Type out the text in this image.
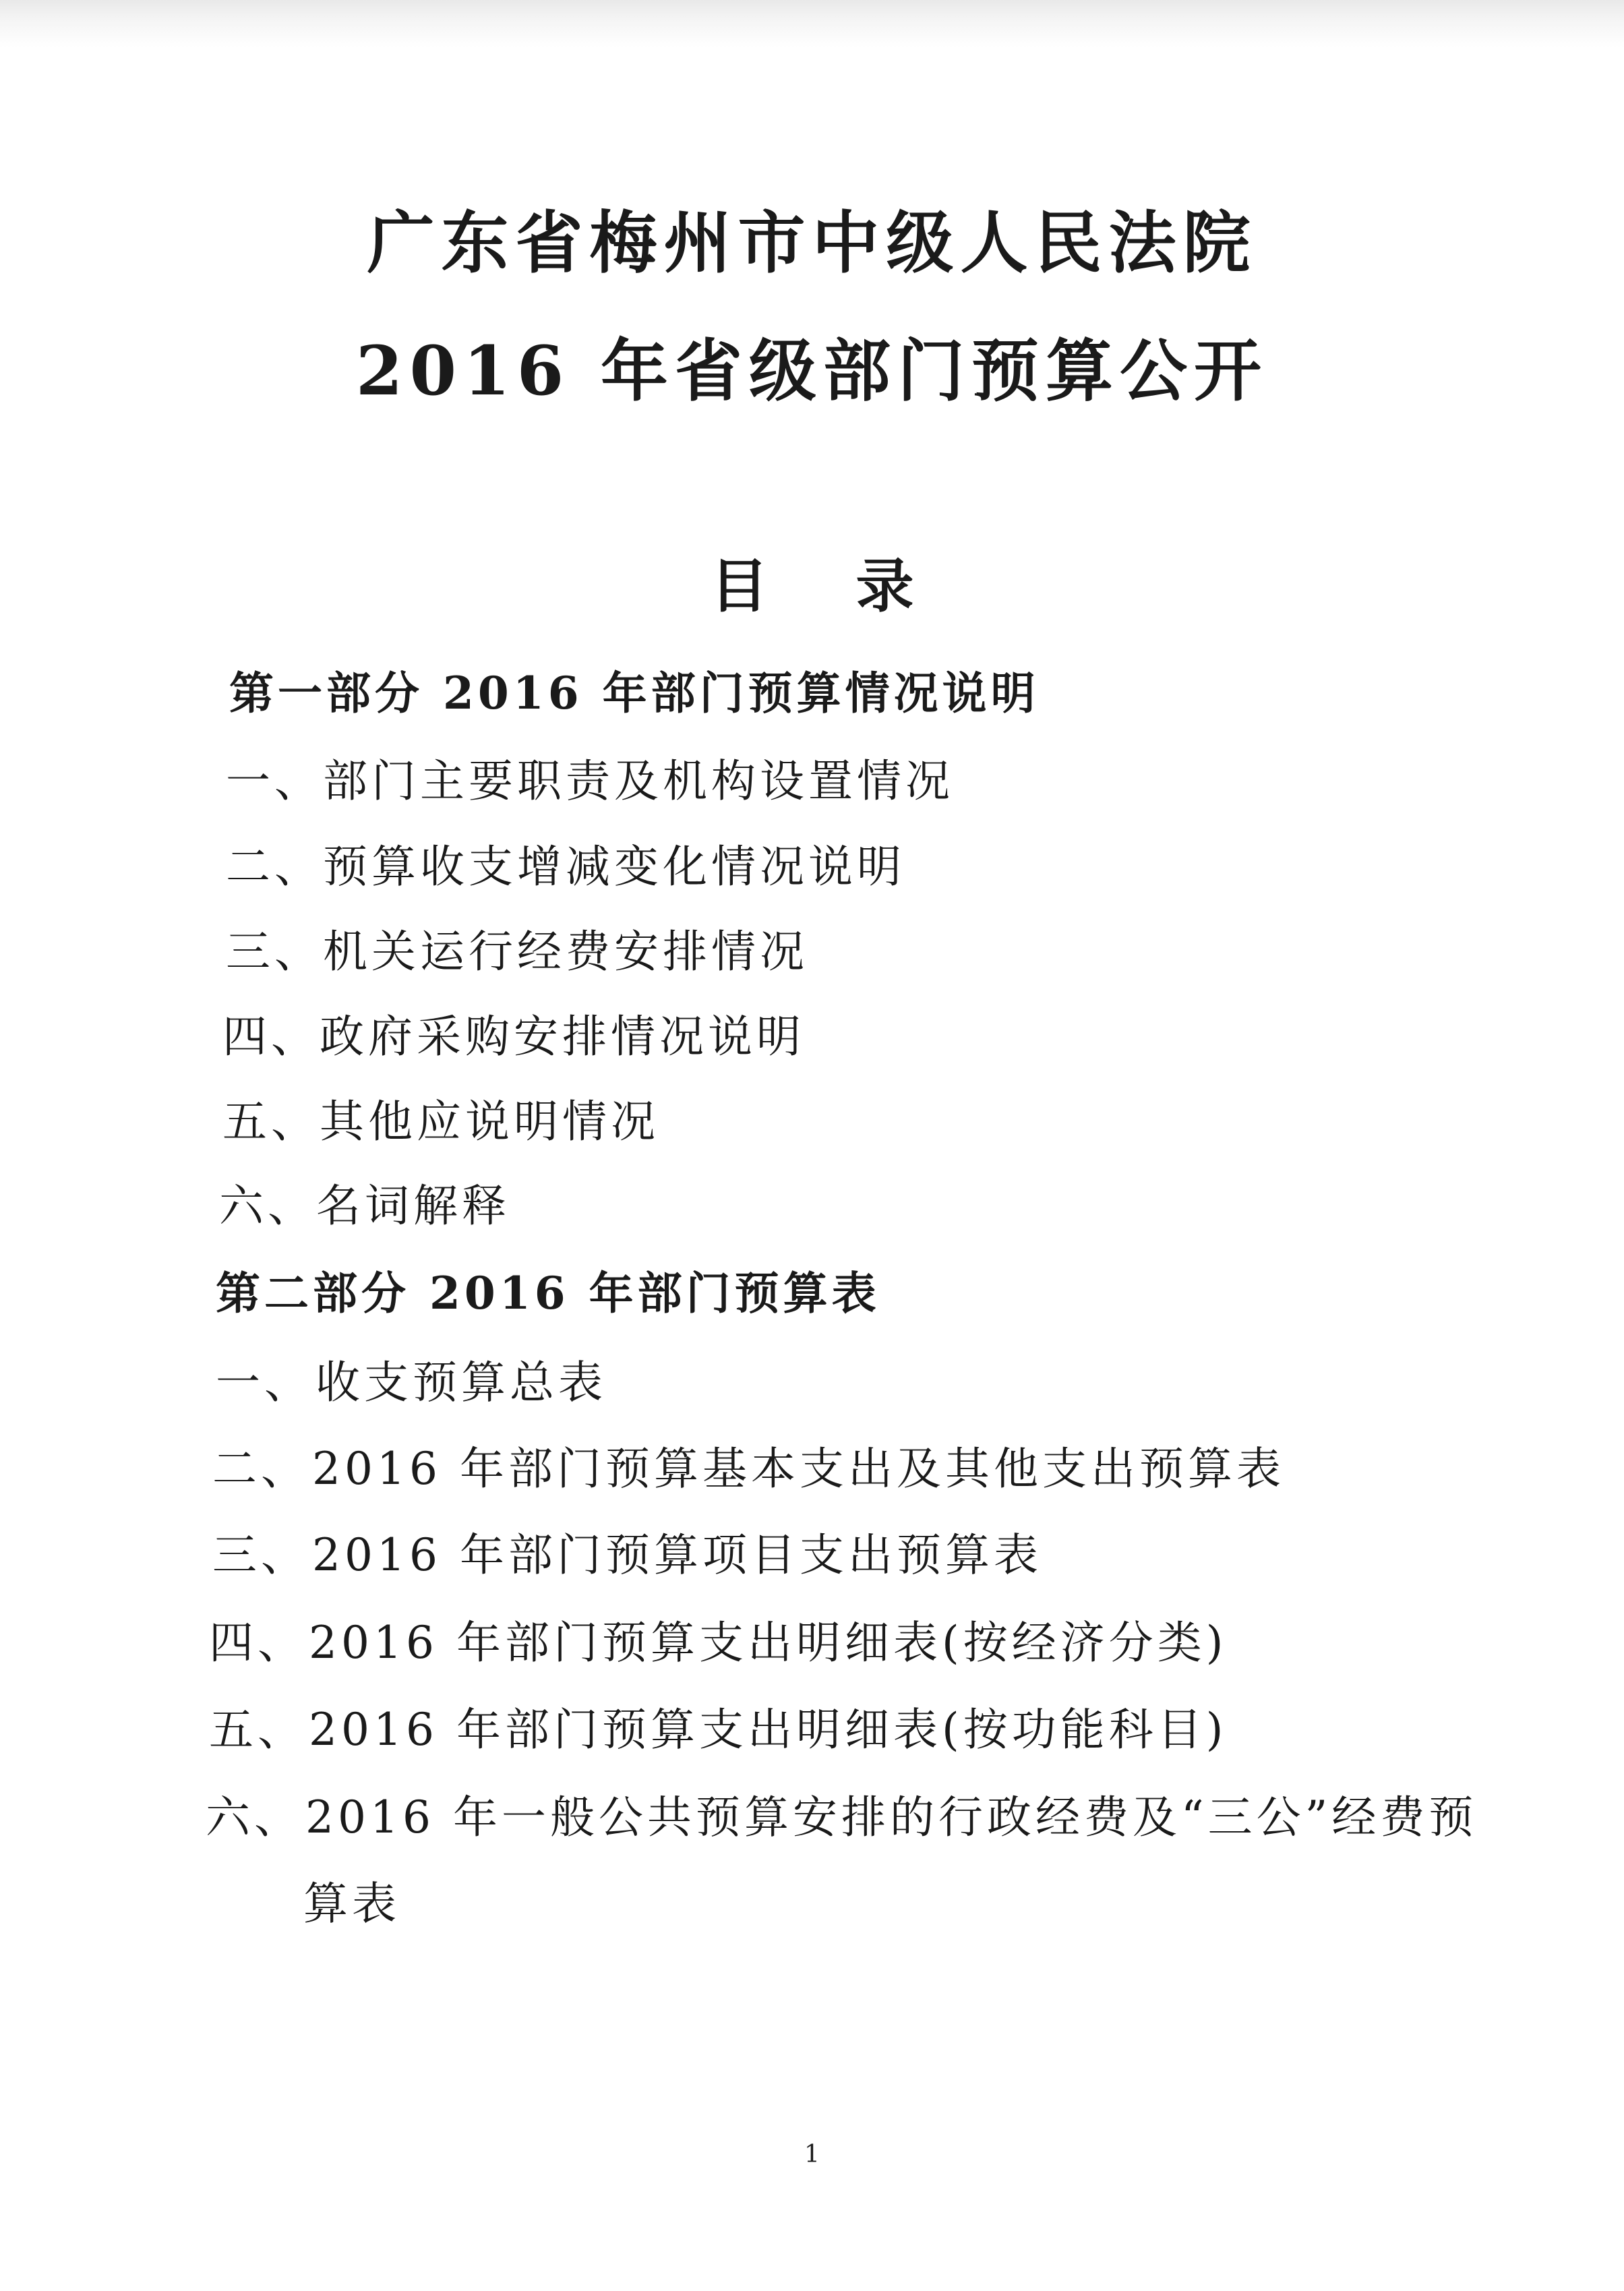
广东省梅州市中级人民法院
2016 年省级部门预算公开
目 录
第一部分 2016 年部门预算情况说明
一、部门主要职责及机构设置情况
二、预算收支增减变化情况说明
三、机关运行经费安排情况
四、政府采购安排情况说明
五、其他应说明情况
六、名词解释
第二部分 2016 年部门预算表
一、收支预算总表
二、2016 年部门预算基本支出及其他支出预算表
三、2016 年部门预算项目支出预算表
四、2016 年部门预算支出明细表(按经济分类)
五、2016 年部门预算支出明细表(按功能科目)
六、2016 年一般公共预算安排的行政经费及“三公”经费预
算表
1
